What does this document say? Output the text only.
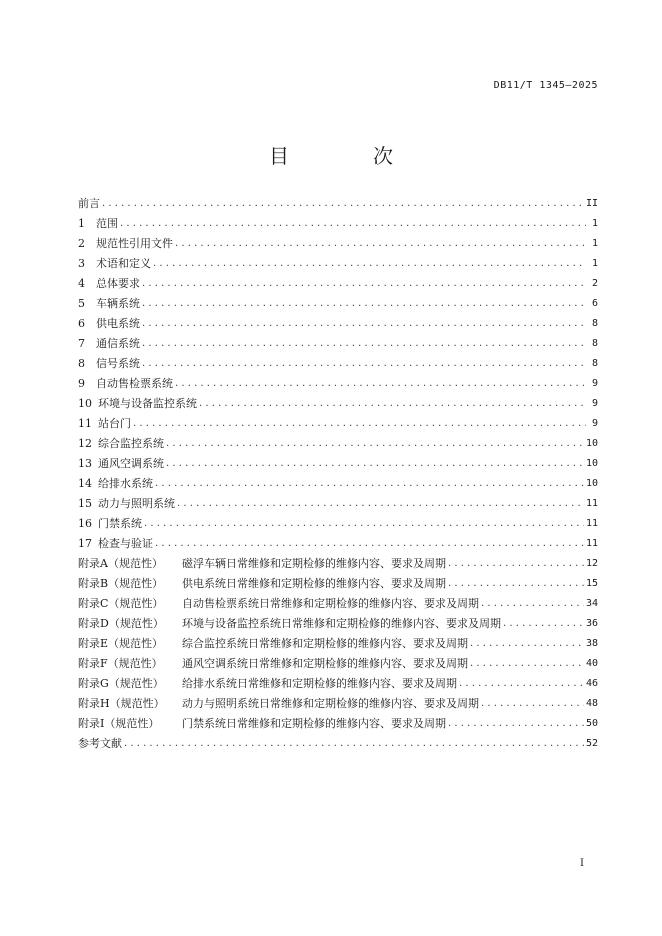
DB11/T 1345—2025
目　次
前言 . . .	II
1	范围 . . .	1
2	规范性引用文件 . . .	1
3	术语和定义 . . .	1
4	总体要求 . . .	2
5	车辆系统 . . .	6
6	供电系统 . . .	8
7	通信系统 . . .	8
8	信号系统 . . .	8
9	自动售检票系统 . . .	9
10 环境与设备监控系统 . . .	9
11 站台门 . . .	9
12 综合监控系统 . . .	10
13 通风空调系统 . . .	10
14 给排水系统 . . .	10
15 动力与照明系统 . . .	11
16 门禁系统 . . .	11
17 检查与验证 . . .	11
附录A（规范性）	磁浮车辆日常维修和定期检修的维修内容、要求及周期 . . .	12
附录B（规范性）	供电系统日常维修和定期检修的维修内容、要求及周期 . . .	15
附录C（规范性）	自动售检票系统日常维修和定期检修的维修内容、要求及周期 . . .	34
附录D（规范性）	环境与设备监控系统日常维修和定期检修的维修内容、要求及周期 . . .	36
附录E（规范性）	综合监控系统日常维修和定期检修的维修内容、要求及周期 . . .	38
附录F（规范性）	通风空调系统日常维修和定期检修的维修内容、要求及周期 . . .	40
附录G（规范性）	给排水系统日常维修和定期检修的维修内容、要求及周期 . . .	46
附录H（规范性）	动力与照明系统日常维修和定期检修的维修内容、要求及周期 . . .	48
附录I（规范性）	门禁系统日常维修和定期检修的维修内容、要求及周期 . . .	50
参考文献 . . .	52
I
